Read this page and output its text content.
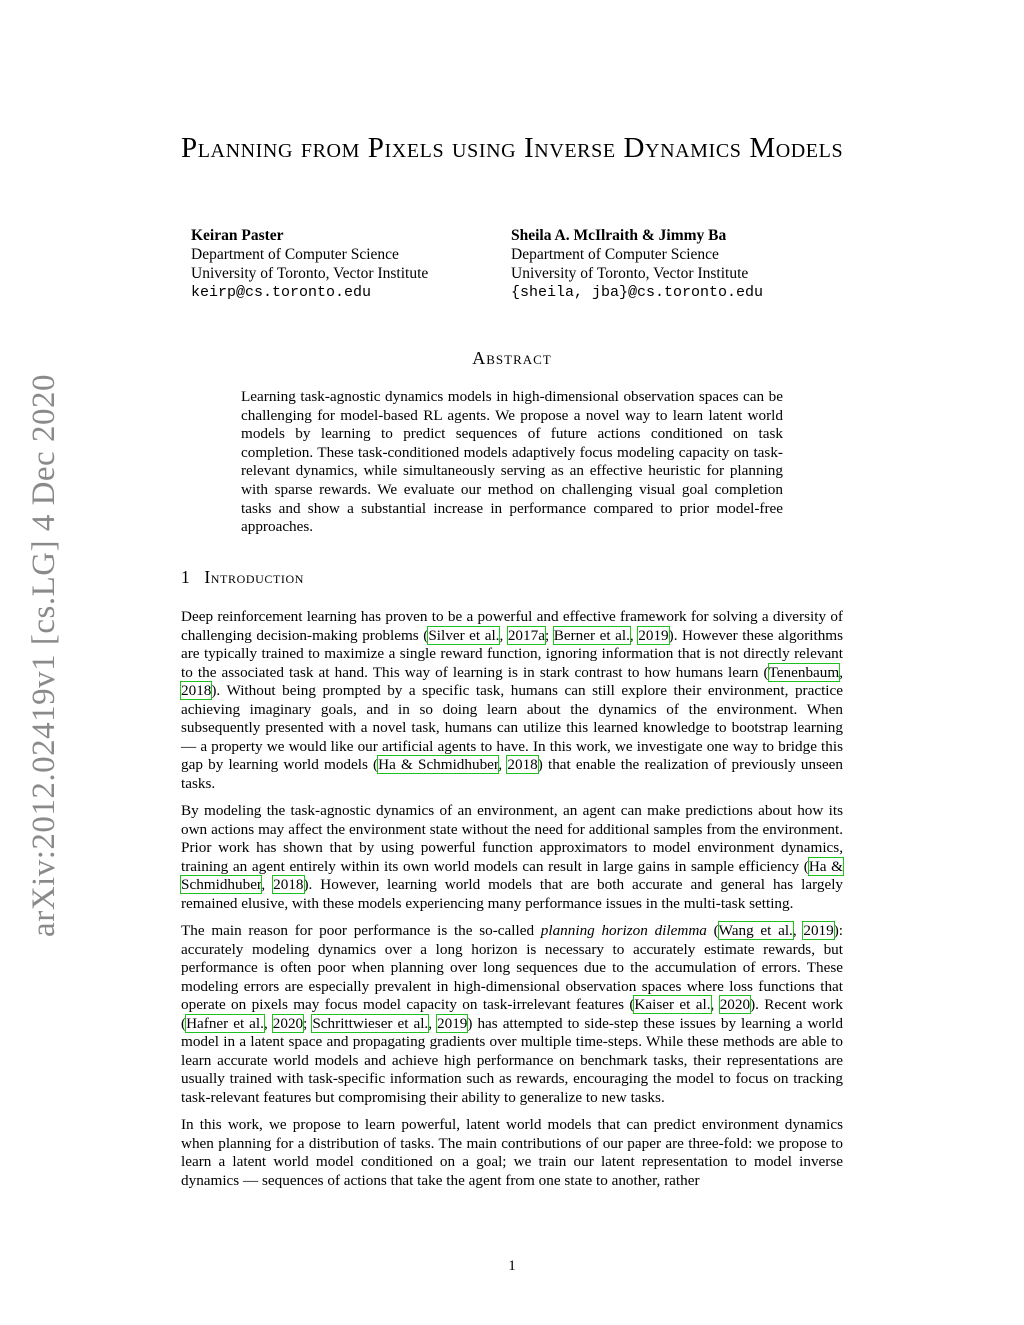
arXiv:2012.02419v1 [cs.LG] 4 Dec 2020
Planning from Pixels using Inverse Dynamics Models
Keiran Paster
Department of Computer Science
University of Toronto, Vector Institute
keirp@cs.toronto.edu
Sheila A. McIlraith & Jimmy Ba
Department of Computer Science
University of Toronto, Vector Institute
{sheila, jba}@cs.toronto.edu
Abstract
Learning task-agnostic dynamics models in high-dimensional observation spaces can be challenging for model-based RL agents. We propose a novel way to learn latent world models by learning to predict sequences of future actions conditioned on task completion. These task-conditioned models adaptively focus modeling capacity on task-relevant dynamics, while simultaneously serving as an effective heuristic for planning with sparse rewards. We evaluate our method on challenging visual goal completion tasks and show a substantial increase in performance compared to prior model-free approaches.
1 Introduction

Deep reinforcement learning has proven to be a powerful and effective framework for solving a diversity of challenging decision-making problems (Silver et al., 2017a; Berner et al., 2019). However these algorithms are typically trained to maximize a single reward function, ignoring information that is not directly relevant to the associated task at hand. This way of learning is in stark contrast to how humans learn (Tenenbaum, 2018). Without being prompted by a specific task, humans can still explore their environment, practice achieving imaginary goals, and in so doing learn about the dynamics of the environment. When subsequently presented with a novel task, humans can utilize this learned knowledge to bootstrap learning — a property we would like our artificial agents to have. In this work, we investigate one way to bridge this gap by learning world models (Ha & Schmidhuber, 2018) that enable the realization of previously unseen tasks.

By modeling the task-agnostic dynamics of an environment, an agent can make predictions about how its own actions may affect the environment state without the need for additional samples from the environment. Prior work has shown that by using powerful function approximators to model environment dynamics, training an agent entirely within its own world models can result in large gains in sample efficiency (Ha & Schmidhuber, 2018). However, learning world models that are both accurate and general has largely remained elusive, with these models experiencing many performance issues in the multi-task setting.

The main reason for poor performance is the so-called planning horizon dilemma (Wang et al., 2019): accurately modeling dynamics over a long horizon is necessary to accurately estimate rewards, but performance is often poor when planning over long sequences due to the accumulation of errors. These modeling errors are especially prevalent in high-dimensional observation spaces where loss functions that operate on pixels may focus model capacity on task-irrelevant features (Kaiser et al., 2020). Recent work (Hafner et al., 2020; Schrittwieser et al., 2019) has attempted to side-step these issues by learning a world model in a latent space and propagating gradients over multiple time-steps. While these methods are able to learn accurate world models and achieve high performance on benchmark tasks, their representations are usually trained with task-specific information such as rewards, encouraging the model to focus on tracking task-relevant features but compromising their ability to generalize to new tasks.

In this work, we propose to learn powerful, latent world models that can predict environment dynamics when planning for a distribution of tasks. The main contributions of our paper are three-fold: we propose to learn a latent world model conditioned on a goal; we train our latent representation to model inverse dynamics — sequences of actions that take the agent from one state to another, rather

1
